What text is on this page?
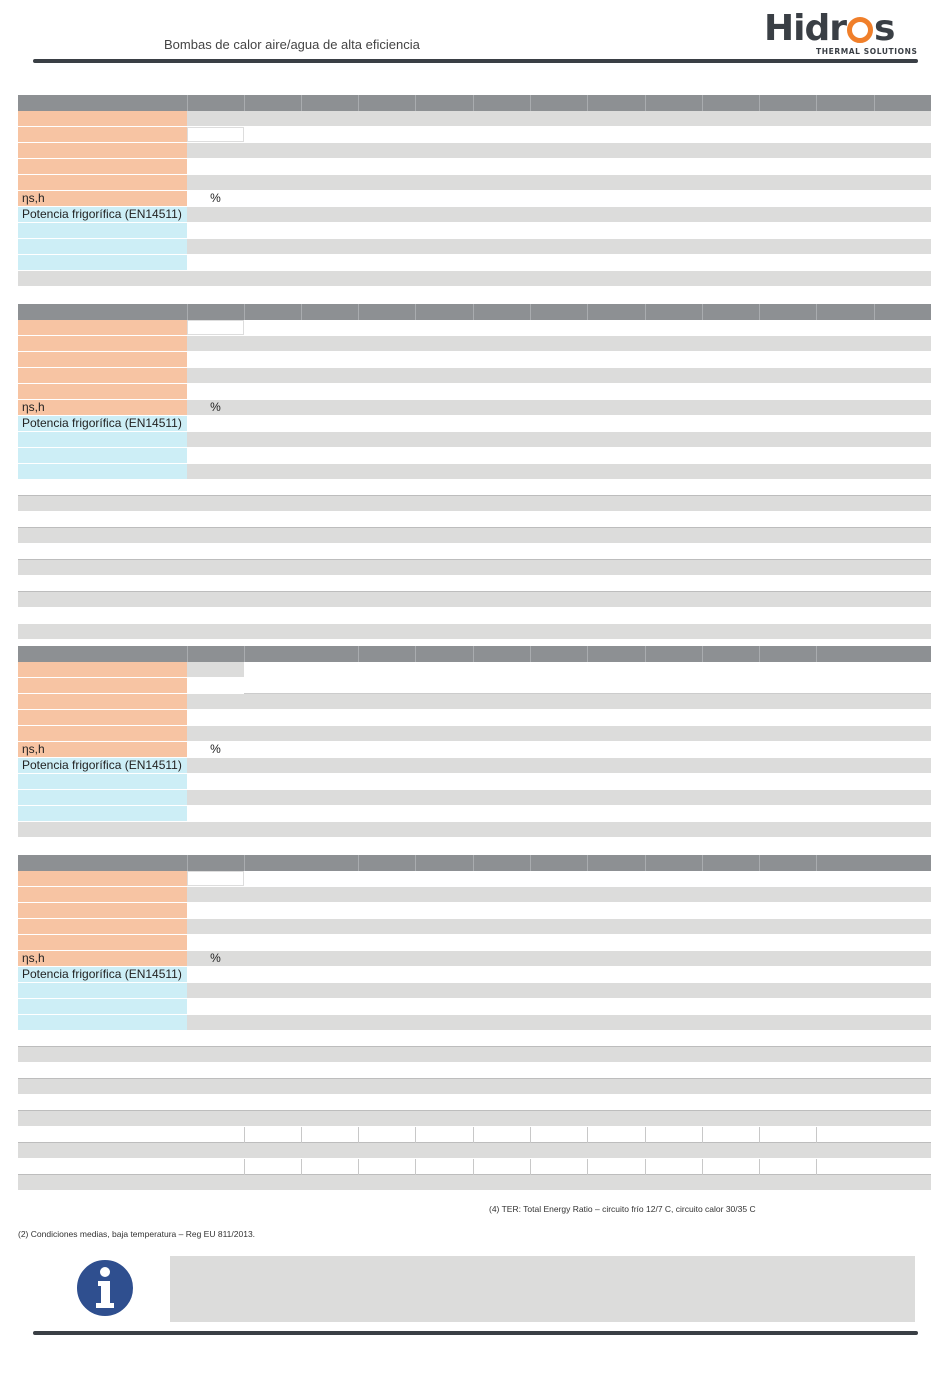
Bombas de calor aire/agua de alta eficiencia	Hidr s
THERMAL SOLUTIONS
ηs,h	%
Potencia frigorífica (EN14511)
ηs,h	%
Potencia frigorífica (EN14511)
ηs,h	%
Potencia frigorífica (EN14511)
ηs,h	%
Potencia frigorífica (EN14511)
(4) TER: Total Energy Ratio – circuito frío 12/7 C, circuito calor 30/35 C
(2) Condiciones medias, baja temperatura – Reg EU 811/2013.
